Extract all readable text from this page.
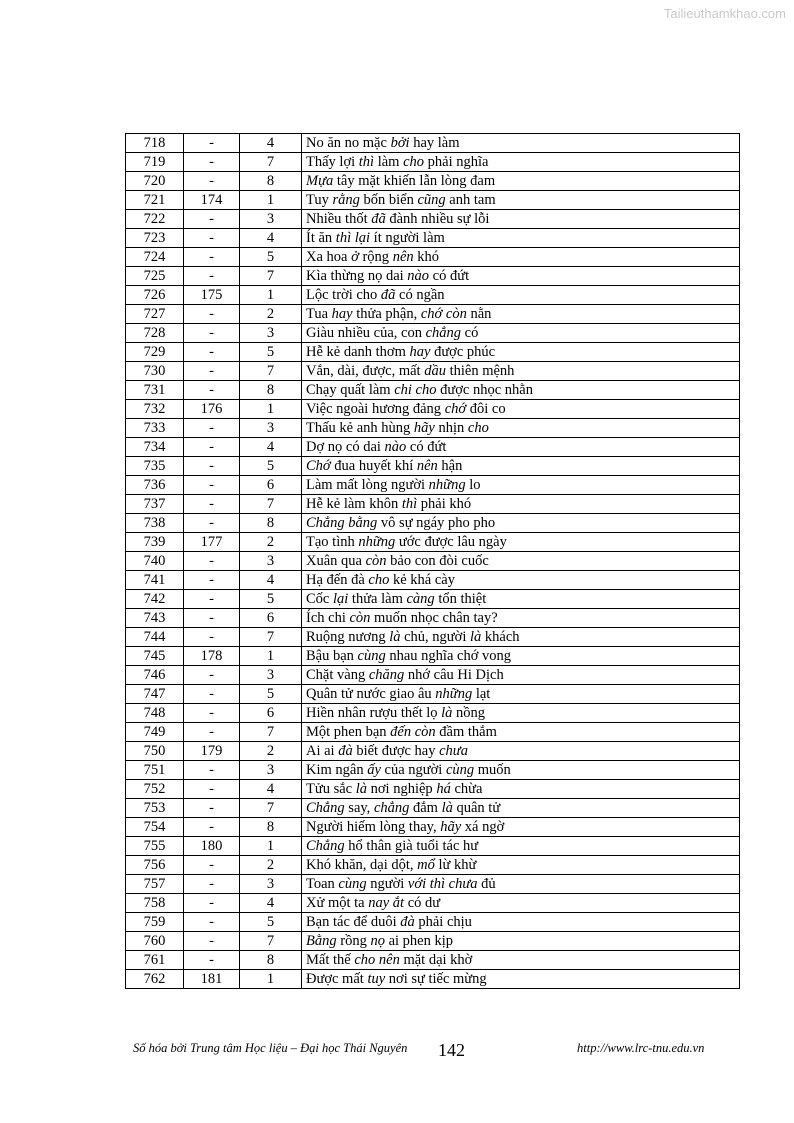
Tailieuthamkhao.com
718	-	4	No ăn no mặc bởi hay làm
719	-	7	Thấy lợi thì làm cho phải nghĩa
720	-	8	Mựa tây mặt khiến lẫn lòng đam
721	174	1	Tuy rằng bốn biển cũng anh tam
722	-	3	Nhiều thốt đã đành nhiều sự lỗi
723	-	4	Ít ăn thì lại ít người làm
724	-	5	Xa hoa ở rộng nên khó
725	-	7	Kìa thừng nọ dai nào có đứt
726	175	1	Lộc trời cho đã có ngần
727	-	2	Tua hay thửa phận, chớ còn nằn
728	-	3	Giàu nhiều của, con chẳng có
729	-	5	Hễ kẻ danh thơm hay được phúc
730	-	7	Vắn, dài, được, mất dầu thiên mệnh
731	-	8	Chạy quất làm chi cho được nhọc nhằn
732	176	1	Việc ngoài hương đảng chớ đôi co
733	-	3	Thấu kẻ anh hùng hãy nhịn cho
734	-	4	Dợ nọ có dai nào có đứt
735	-	5	Chớ đua huyết khí nên hận
736	-	6	Làm mất lòng người những lo
737	-	7	Hễ kẻ làm khôn thì phải khó
738	-	8	Chẳng bằng vô sự ngáy pho pho
739	177	2	Tạo tình những ước được lâu ngày
740	-	3	Xuân qua còn bảo con đòi cuốc
741	-	4	Hạ đến đà cho kẻ khá cày
742	-	5	Cốc lại thửa làm càng tổn thiệt
743	-	6	Ích chi còn muốn nhọc chân tay?
744	-	7	Ruộng nương là chủ, người là khách
745	178	1	Bậu bạn cùng nhau nghĩa chớ vong
746	-	3	Chặt vàng chăng nhớ câu Hi Dịch
747	-	5	Quân tử nước giao âu những lạt
748	-	6	Hiền nhân rượu thết lọ là nồng
749	-	7	Một phen bạn đến còn đầm thắm
750	179	2	Ai ai đà biết được hay chưa
751	-	3	Kim ngân ấy của người cùng muốn
752	-	4	Tửu sắc là nơi nghiệp há chừa
753	-	7	Chẳng say, chẳng đắm là quân tử
754	-	8	Người hiếm lòng thay, hãy xá ngờ
755	180	1	Chẳng hổ thân già tuổi tác hư
756	-	2	Khó khăn, dại dột, mổ lừ khừ
757	-	3	Toan cùng người với thì chưa đủ
758	-	4	Xử một ta nay ắt có dư
759	-	5	Bạn tác để duôi đà phải chịu
760	-	7	Bằng rồng nọ ai phen kịp
761	-	8	Mất thế cho nên mặt dại khờ
762	181	1	Được mất tuy nơi sự tiếc mừng
Số hóa bởi Trung tâm Học liệu – Đại học Thái Nguyên 142	http://www.lrc-tnu.edu.vn
